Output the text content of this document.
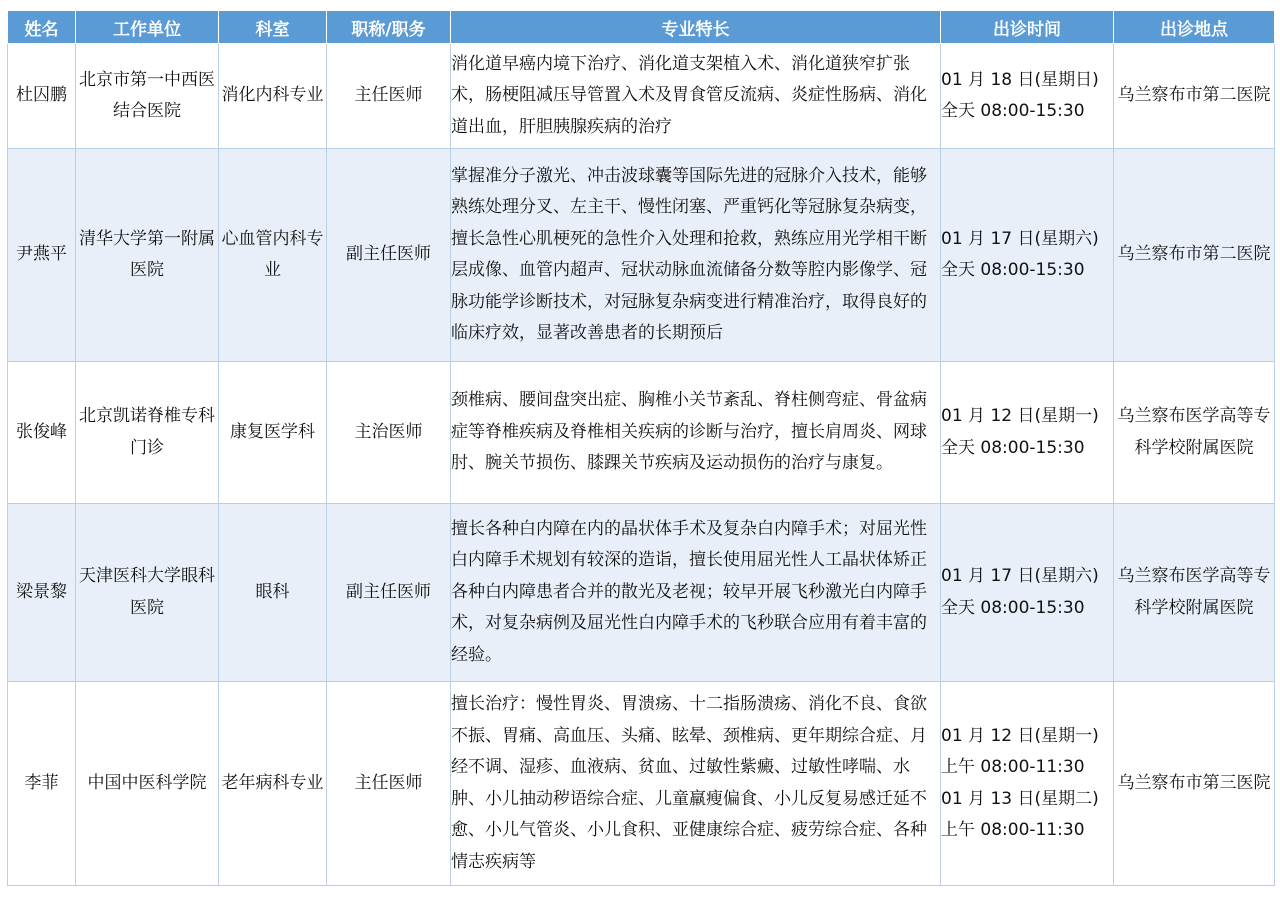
姓名	工作单位	科室	职称/职务	专业特长	出诊时间	出诊地点
杜囚鹏	北京市第一中西医结合医院	消化内科专业	主任医师	消化道早癌内境下治疗、消化道支架植入术、消化道狭窄扩张术，肠梗阻减压导管置入术及胃食管反流病、炎症性肠病、消化道出血，肝胆胰腺疾病的治疗	01 月 18 日(星期日)
全天 08:00-15:30	乌兰察布市第二医院
尹燕平	清华大学第一附属医院	心血管内科专业	副主任医师	掌握准分子激光、冲击波球囊等国际先进的冠脉介入技术，能够熟练处理分叉、左主干、慢性闭塞、严重钙化等冠脉复杂病变，擅长急性心肌梗死的急性介入处理和抢救，熟练应用光学相干断层成像、血管内超声、冠状动脉血流储备分数等腔内影像学、冠脉功能学诊断技术，对冠脉复杂病变进行精准治疗，取得良好的临床疗效，显著改善患者的长期预后	01 月 17 日(星期六)
全天 08:00-15:30	乌兰察布市第二医院
张俊峰	北京凯诺脊椎专科门诊	康复医学科	主治医师	颈椎病、腰间盘突出症、胸椎小关节紊乱、脊柱侧弯症、骨盆病症等脊椎疾病及脊椎相关疾病的诊断与治疗，擅长肩周炎、网球肘、腕关节损伤、膝踝关节疾病及运动损伤的治疗与康复。	01 月 12 日(星期一)
全天 08:00-15:30	乌兰察布医学高等专科学校附属医院
梁景黎	天津医科大学眼科医院	眼科	副主任医师	擅长各种白内障在内的晶状体手术及复杂白内障手术；对屈光性白内障手术规划有较深的造诣，擅长使用屈光性人工晶状体矫正各种白内障患者合并的散光及老视；较早开展飞秒激光白内障手术，对复杂病例及屈光性白内障手术的飞秒联合应用有着丰富的经验。	01 月 17 日(星期六)
全天 08:00-15:30	乌兰察布医学高等专科学校附属医院
李菲	中国中医科学院	老年病科专业	主任医师	擅长治疗：慢性胃炎、胃溃疡、十二指肠溃疡、消化不良、食欲不振、胃痛、高血压、头痛、眩晕、颈椎病、更年期综合症、月经不调、湿疹、血液病、贫血、过敏性紫癜、过敏性哮喘、水肿、小儿抽动秽语综合症、儿童羸瘦偏食、小儿反复易感迁延不愈、小儿气管炎、小儿食积、亚健康综合症、疲劳综合症、各种情志疾病等	01 月 12 日(星期一)
上午 08:00-11:30
01 月 13 日(星期二)
上午 08:00-11:30	乌兰察布市第三医院
